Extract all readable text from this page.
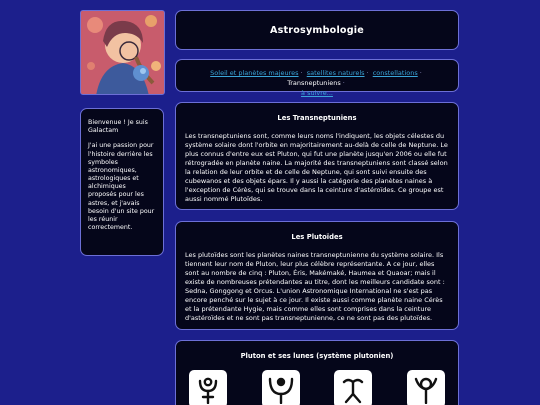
Bienvenue ! Je suis Galactam

J'ai une passion pour l'histoire derrière les symboles astronomiques, astrologiques et alchimiques proposés pour les astres, et j'avais besoin d'un site pour les réunir correctement.

Astrosymbologie
Soleil et planètes majeures · satellites naturels · constellations · Transneptuniens ·
à suivre...
Les Transneptuniens

Les transneptuniens sont, comme leurs noms l'indiquent, les objets célestes du système solaire dont l'orbite en majoritairement au-delà de celle de Neptune. Le plus connus d'entre eux est Pluton, qui fut une planète jusqu'en 2006 ou elle fut rétrogradée en planète naine. La majorité des transneptuniens sont classé selon la relation de leur orbite et de celle de Neptune, qui sont suivi ensuite des cubewanos et des objets épars. Il y aussi la catégorie des planètes naines à l'exception de Cérès, qui se trouve dans la ceinture d'astéroïdes. Ce groupe est aussi nommé Plutoïdes.

Les Plutoïdes

Les plutoïdes sont les planètes naines transneptunienne du système solaire. Ils tiennent leur nom de Pluton, leur plus célèbre représentante. A ce jour, elles sont au nombre de cinq : Pluton, Éris, Makémaké, Haumea et Quaoar; mais il existe de nombreuses prétendantes au titre, dont les meilleurs candidate sont : Sedna, Gonggong et Orcus. L'union Astronomique International ne s'est pas encore penché sur le sujet à ce jour. Il existe aussi comme planète naine Cérès et la prétendante Hygie, mais comme elles sont comprises dans la ceinture d'astéroïdes et ne sont pas transneptunienne, ce ne sont pas des plutoïdes.

Pluton et ses lunes (système plutonien)
